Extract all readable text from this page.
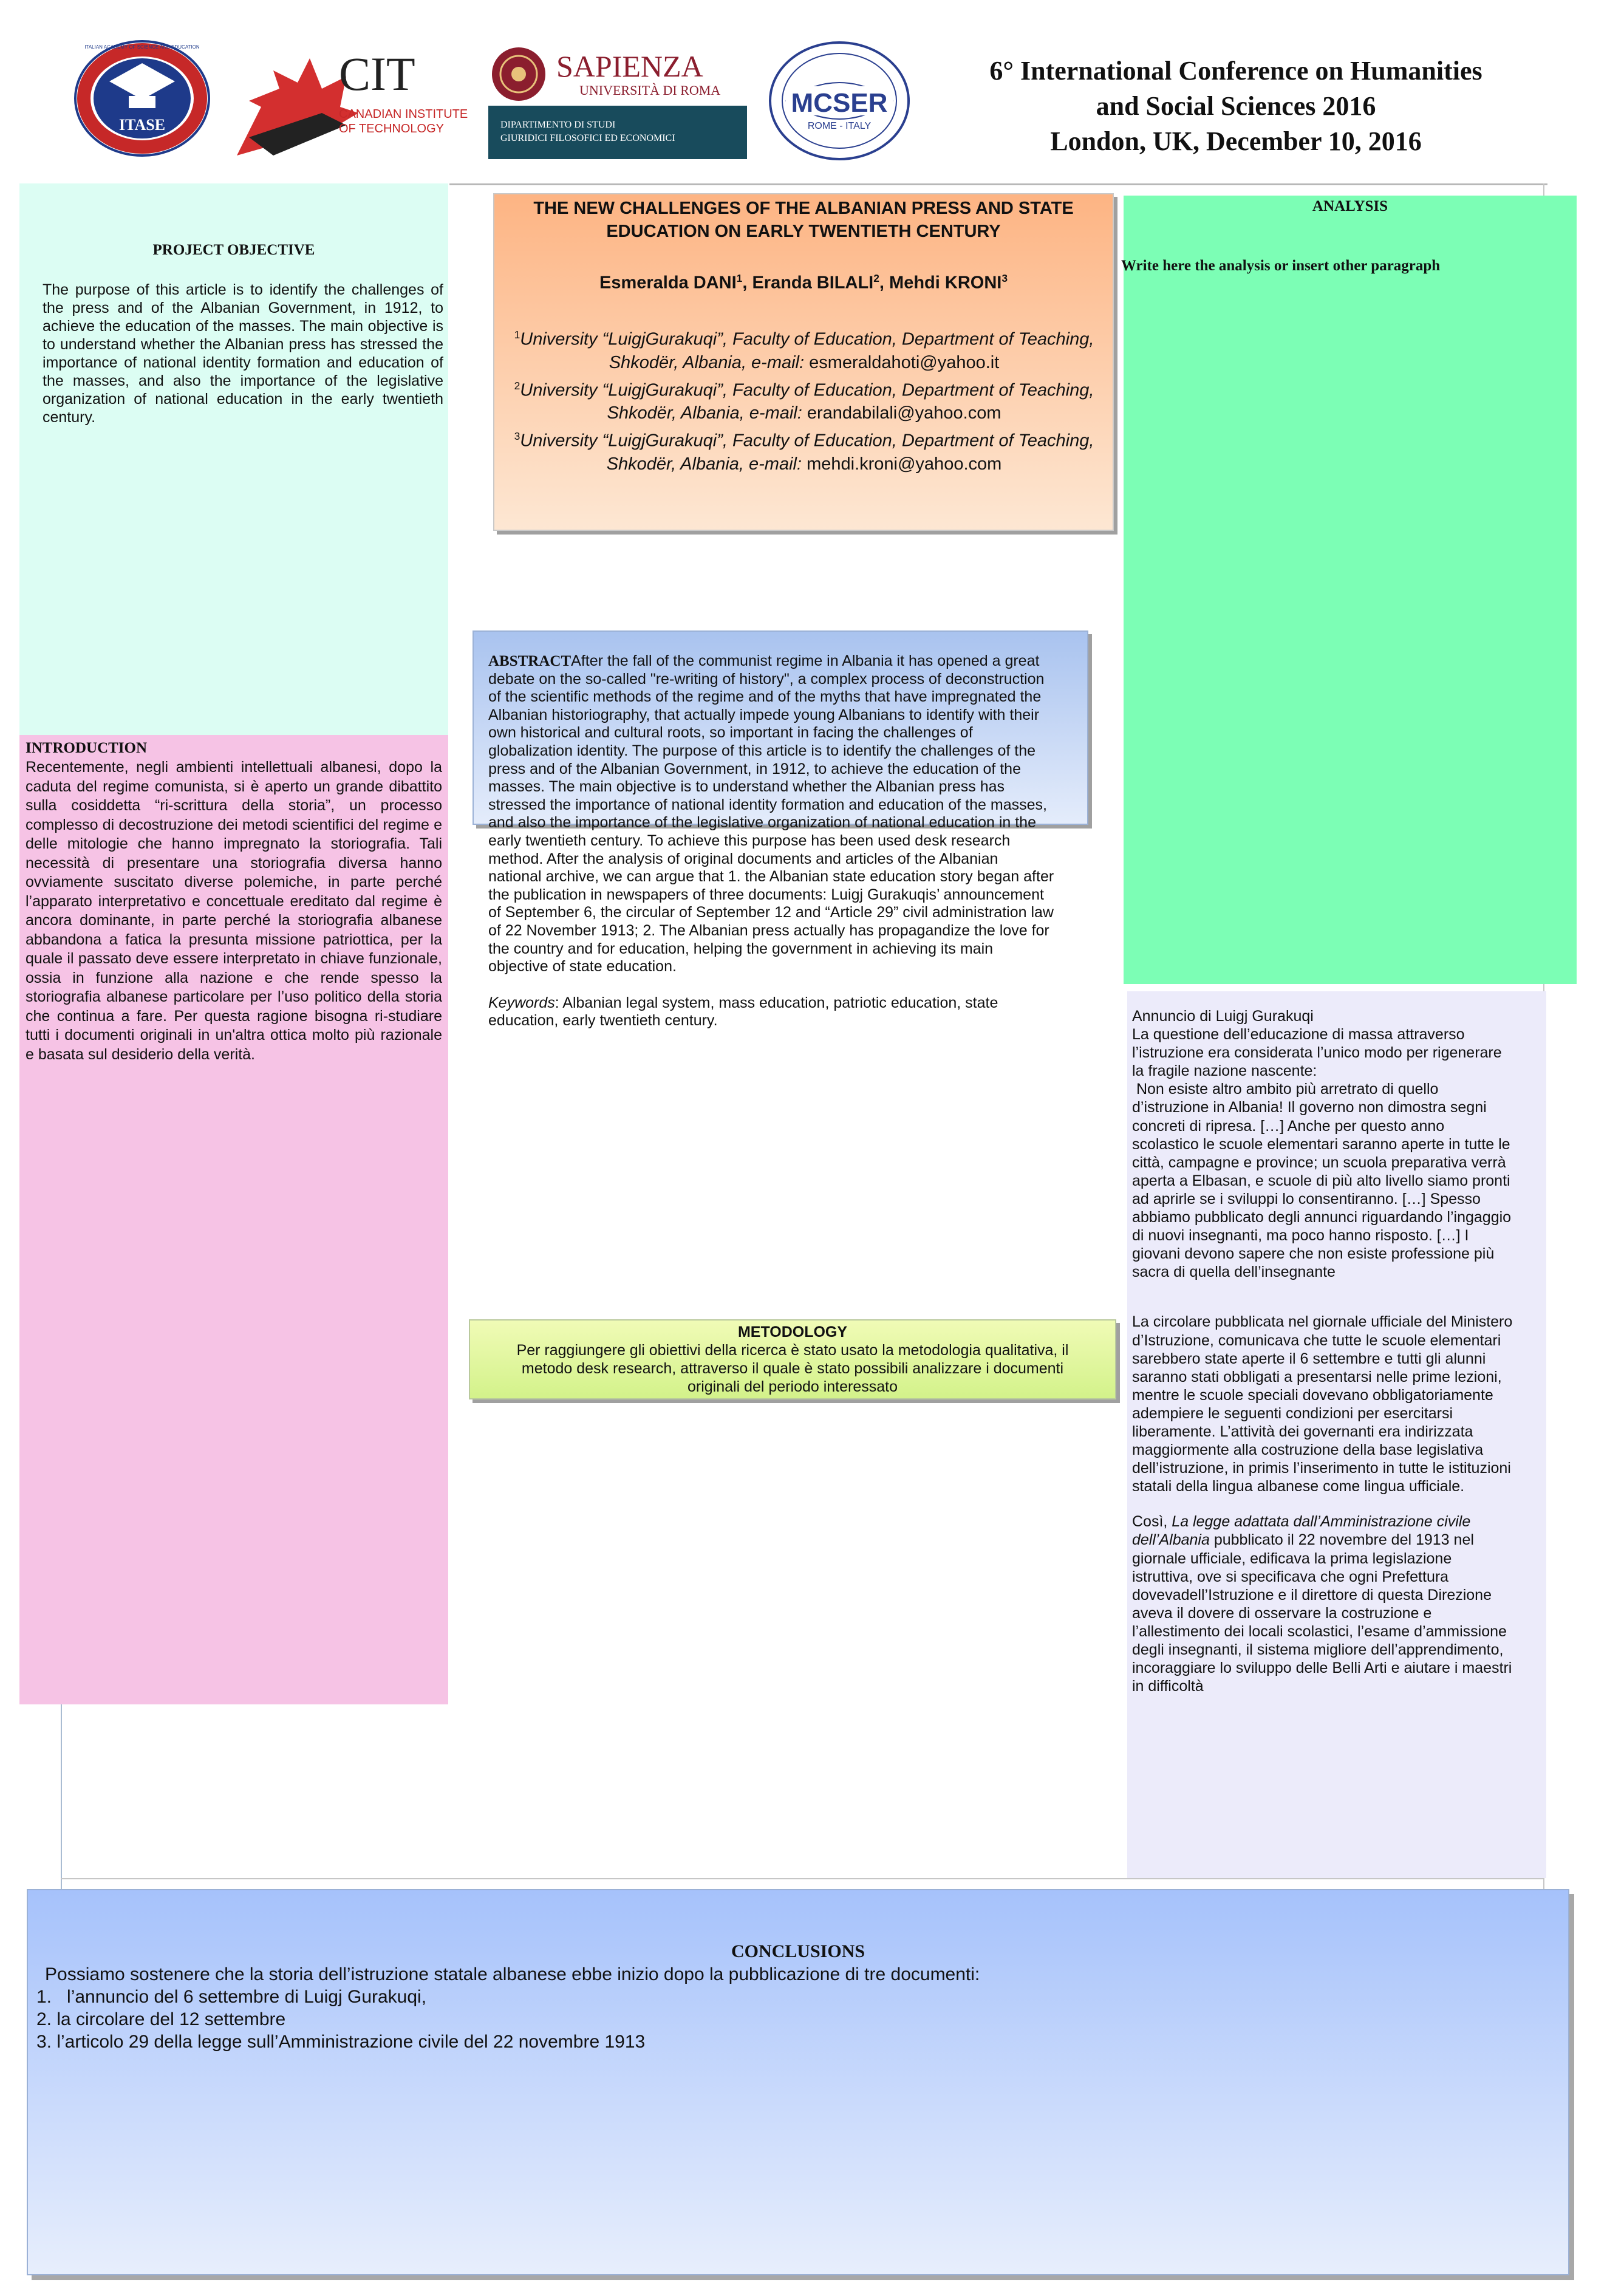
ITASE
ITALIAN ACADEMY OF SCIENCE AND EDUCATION
CIT
CANADIAN INSTITUTE
OF TECHNOLOGY
SAPIENZA
UNIVERSITÀ DI ROMA
DIPARTIMENTO DI STUDI
GIURIDICI FILOSOFICI ED ECONOMICI
MCSER
ROME - ITALY
6° International Conference on Humanities
and Social Sciences 2016
London, UK, December 10, 2016
PROJECT OBJECTIVE

The purpose of this article is to identify the challenges of the press and of the Albanian Government, in 1912, to achieve the education of the masses. The main objective is to understand whether the Albanian press has stressed the importance of national identity formation and education of the masses, and also the importance of the legislative organization of national education in the early twentieth century.

INTRODUCTION

Recentemente, negli ambienti intellettuali albanesi, dopo la caduta del regime comunista, si è aperto un grande dibattito sulla cosiddetta “ri-scrittura della storia”, un processo complesso di decostruzione dei metodi scientifici del regime e delle mitologie che hanno impregnato la storiografia. Tali necessità di presentare una storiografia diversa hanno ovviamente suscitato diverse polemiche, in parte perché l’apparato interpretativo e concettuale ereditato dal regime è ancora dominante, in parte perché la storiografia albanese abbandona a fatica la presunta missione patriottica, per la quale il passato deve essere interpretato in chiave funzionale, ossia in funzione alla nazione e che rende spesso la storiografia albanese particolare per l’uso politico della storia che continua a fare. Per questa ragione bisogna ri-studiare tutti i documenti originali in un'altra ottica molto più razionale e basata sul desiderio della verità.

THE NEW CHALLENGES OF THE ALBANIAN PRESS AND STATE EDUCATION ON EARLY TWENTIETH CENTURY
Esmeralda DANI$^1$, Eranda BILALI$^2$, Mehdi KRONI$^3$
$^1$University “LuigjGurakuqi”, Faculty of Education, Department of Teaching, Shkodër, Albania, e-mail: esmeraldahoti@yahoo.it
$^2$University “LuigjGurakuqi”, Faculty of Education, Department of Teaching, Shkodër, Albania, e-mail: erandabilali@yahoo.com
$^3$University “LuigjGurakuqi”, Faculty of Education, Department of Teaching, Shkodër, Albania, e-mail: mehdi.kroni@yahoo.com
ABSTRACTAfter the fall of the communist regime in Albania it has opened a great
debate on the so-called "re-writing of history", a complex process of deconstruction
of the scientific methods of the regime and of the myths that have impregnated the
Albanian historiography, that actually impede young Albanians to identify with their
own historical and cultural roots, so important in facing the challenges of
globalization identity. The purpose of this article is to identify the challenges of the
press and of the Albanian Government, in 1912, to achieve the education of the
masses. The main objective is to understand whether the Albanian press has
stressed the importance of national identity formation and education of the masses,
and also the importance of the legislative organization of national education in the
early twentieth century. To achieve this purpose has been used desk research
method. After the analysis of original documents and articles of the Albanian
national archive, we can argue that 1. the Albanian state education story began after
the publication in newspapers of three documents: Luigj Gurakuqis’ announcement
of September 6, the circular of September 12 and “Article 29” civil administration law
of 22 November 1913; 2. The Albanian press actually has propagandize the love for
the country and for education, helping the government in achieving its main
objective of state education.
Keywords: Albanian legal system, mass education, patriotic education, state
education, early twentieth century.
ANALYSIS
Write here the analysis or insert other paragraph
Annuncio di Luigj Gurakuqi
La questione dell’educazione di massa attraverso
l’istruzione era considerata l’unico modo per rigenerare
la fragile nazione nascente:
Non esiste altro ambito più arretrato di quello
d’istruzione in Albania! Il governo non dimostra segni
concreti di ripresa. […] Anche per questo anno
scolastico le scuole elementari saranno aperte in tutte le
città, campagne e province; un scuola preparativa verrà
aperta a Elbasan, e scuole di più alto livello siamo pronti
ad aprirle se i sviluppi lo consentiranno. […] Spesso
abbiamo pubblicato degli annunci riguardando l’ingaggio
di nuovi insegnanti, ma poco hanno risposto. […] I
giovani devono sapere che non esiste professione più
sacra di quella dell’insegnante
La circolare pubblicata nel giornale ufficiale del Ministero
d’Istruzione, comunicava che tutte le scuole elementari
sarebbero state aperte il 6 settembre e tutti gli alunni
saranno stati obbligati a presentarsi nelle prime lezioni,
mentre le scuole speciali dovevano obbligatoriamente
adempiere le seguenti condizioni per esercitarsi
liberamente. L’attività dei governanti era indirizzata
maggiormente alla costruzione della base legislativa
dell’istruzione, in primis l’inserimento in tutte le istituzioni
statali della lingua albanese come lingua ufficiale.
Così, La legge adattata dall’Amministrazione civile
dell’Albania pubblicato il 22 novembre del 1913 nel
giornale ufficiale, edificava la prima legislazione
istruttiva, ove si specificava che ogni Prefettura
dovevadell’Istruzione e il direttore di questa Direzione
aveva il dovere di osservare la costruzione e
l’allestimento dei locali scolastici, l’esame d’ammissione
degli insegnanti, il sistema migliore dell’apprendimento,
incoraggiare lo sviluppo delle Belli Arti e aiutare i maestri
in difficoltà
METODOLOGY
Per raggiungere gli obiettivi della ricerca è stato usato la metodologia qualitativa, il
metodo desk research, attraverso il quale è stato possibili analizzare i documenti
originali del periodo interessato
CONCLUSIONS
Possiamo sostenere che la storia dell’istruzione statale albanese ebbe inizio dopo la pubblicazione di tre documenti:
1.   l’annuncio del 6 settembre di Luigj Gurakuqi,
2. la circolare del 12 settembre
3. l’articolo 29 della legge sull’Amministrazione civile del 22 novembre 1913
